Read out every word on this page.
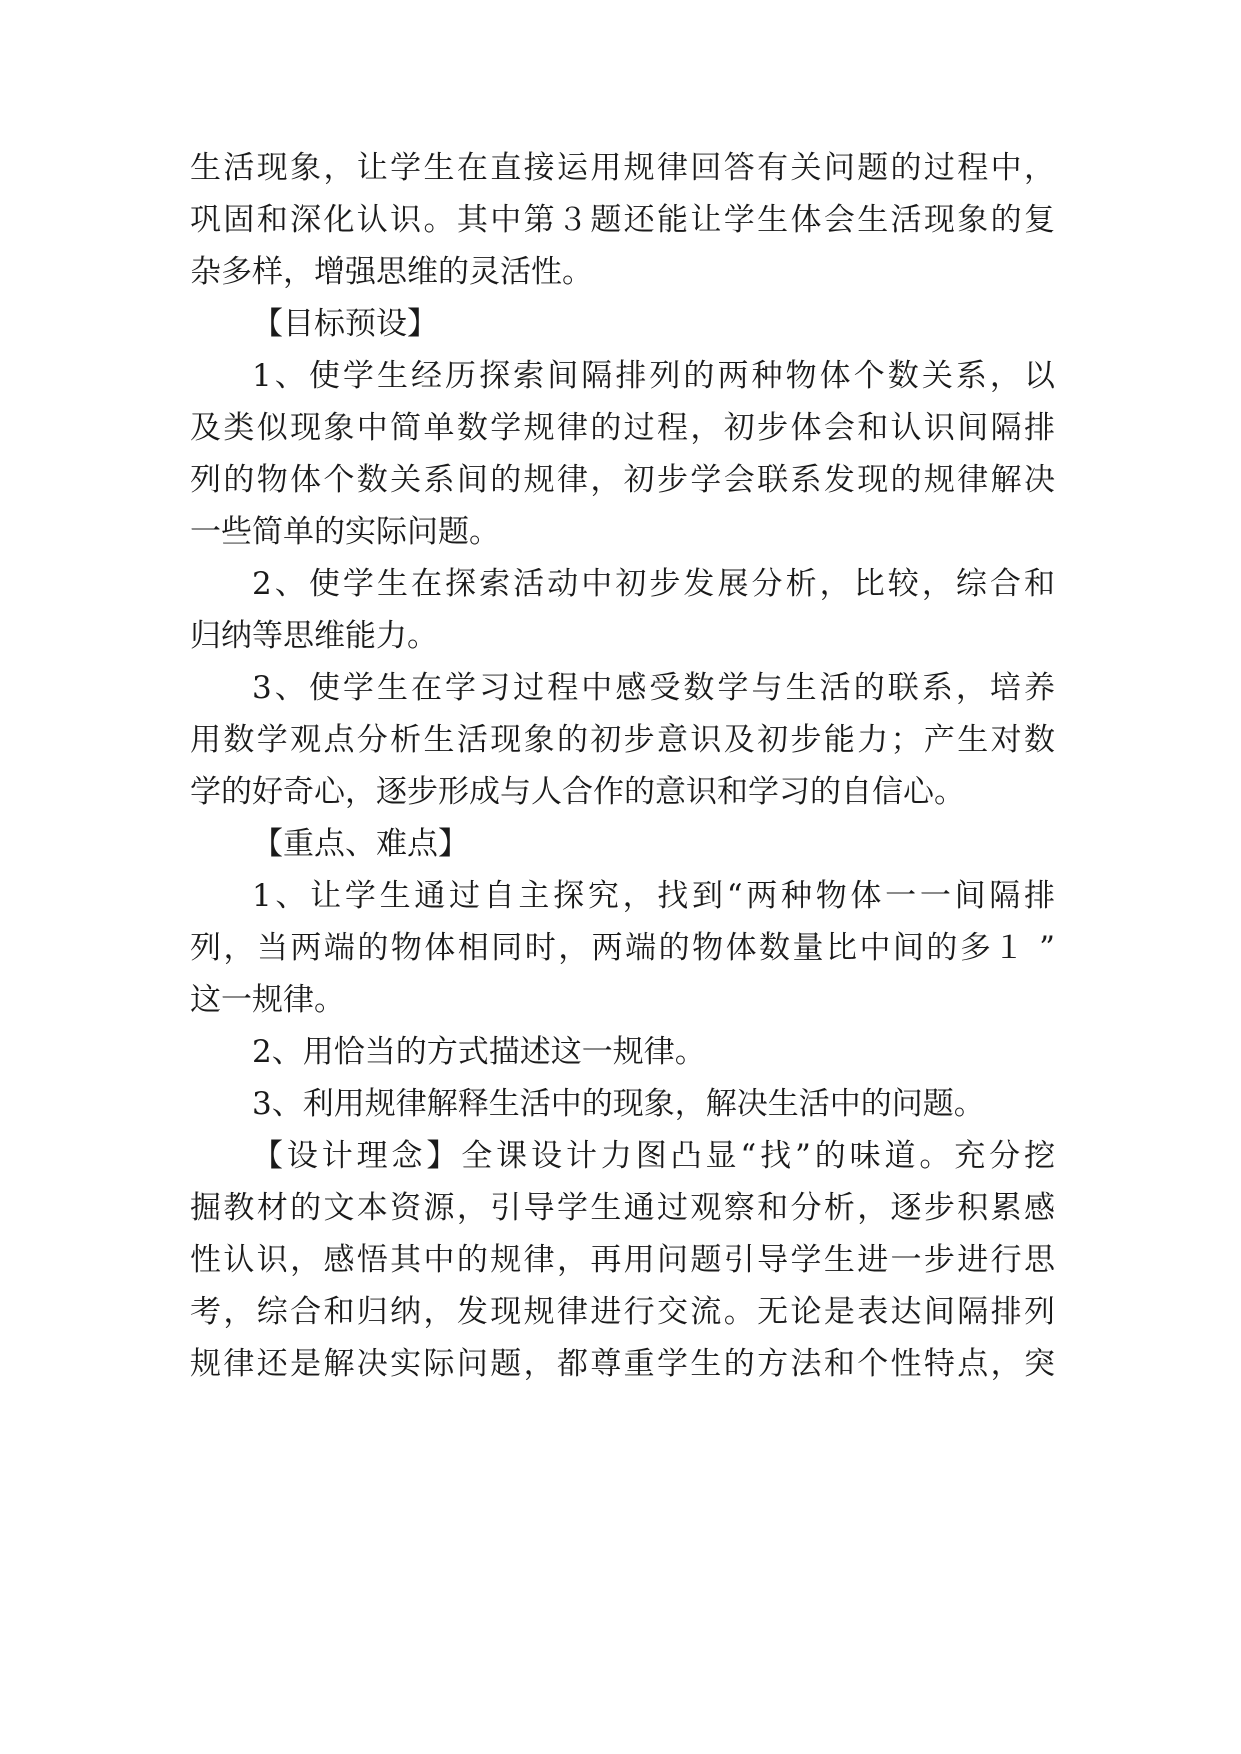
生活现象，让学生在直接运用规律回答有关问题的过程中，
巩固和深化认识。其中第３题还能让学生体会生活现象的复
杂多样，增强思维的灵活性。
【目标预设】
1、使学生经历探索间隔排列的两种物体个数关系，以
及类似现象中简单数学规律的过程，初步体会和认识间隔排
列的物体个数关系间的规律，初步学会联系发现的规律解决
一些简单的实际问题。
2、使学生在探索活动中初步发展分析，比较，综合和
归纳等思维能力。
3、使学生在学习过程中感受数学与生活的联系，培养
用数学观点分析生活现象的初步意识及初步能力；产生对数
学的好奇心，逐步形成与人合作的意识和学习的自信心。
【重点、难点】
1、让学生通过自主探究，找到“两种物体一一间隔排
列，当两端的物体相同时，两端的物体数量比中间的多１ ”
这一规律。
2、用恰当的方式描述这一规律。
3、利用规律解释生活中的现象，解决生活中的问题。
【设计理念】全课设计力图凸显“找”的味道。充分挖
掘教材的文本资源，引导学生通过观察和分析，逐步积累感
性认识，感悟其中的规律，再用问题引导学生进一步进行思
考，综合和归纳，发现规律进行交流。无论是表达间隔排列
规律还是解决实际问题，都尊重学生的方法和个性特点，突
